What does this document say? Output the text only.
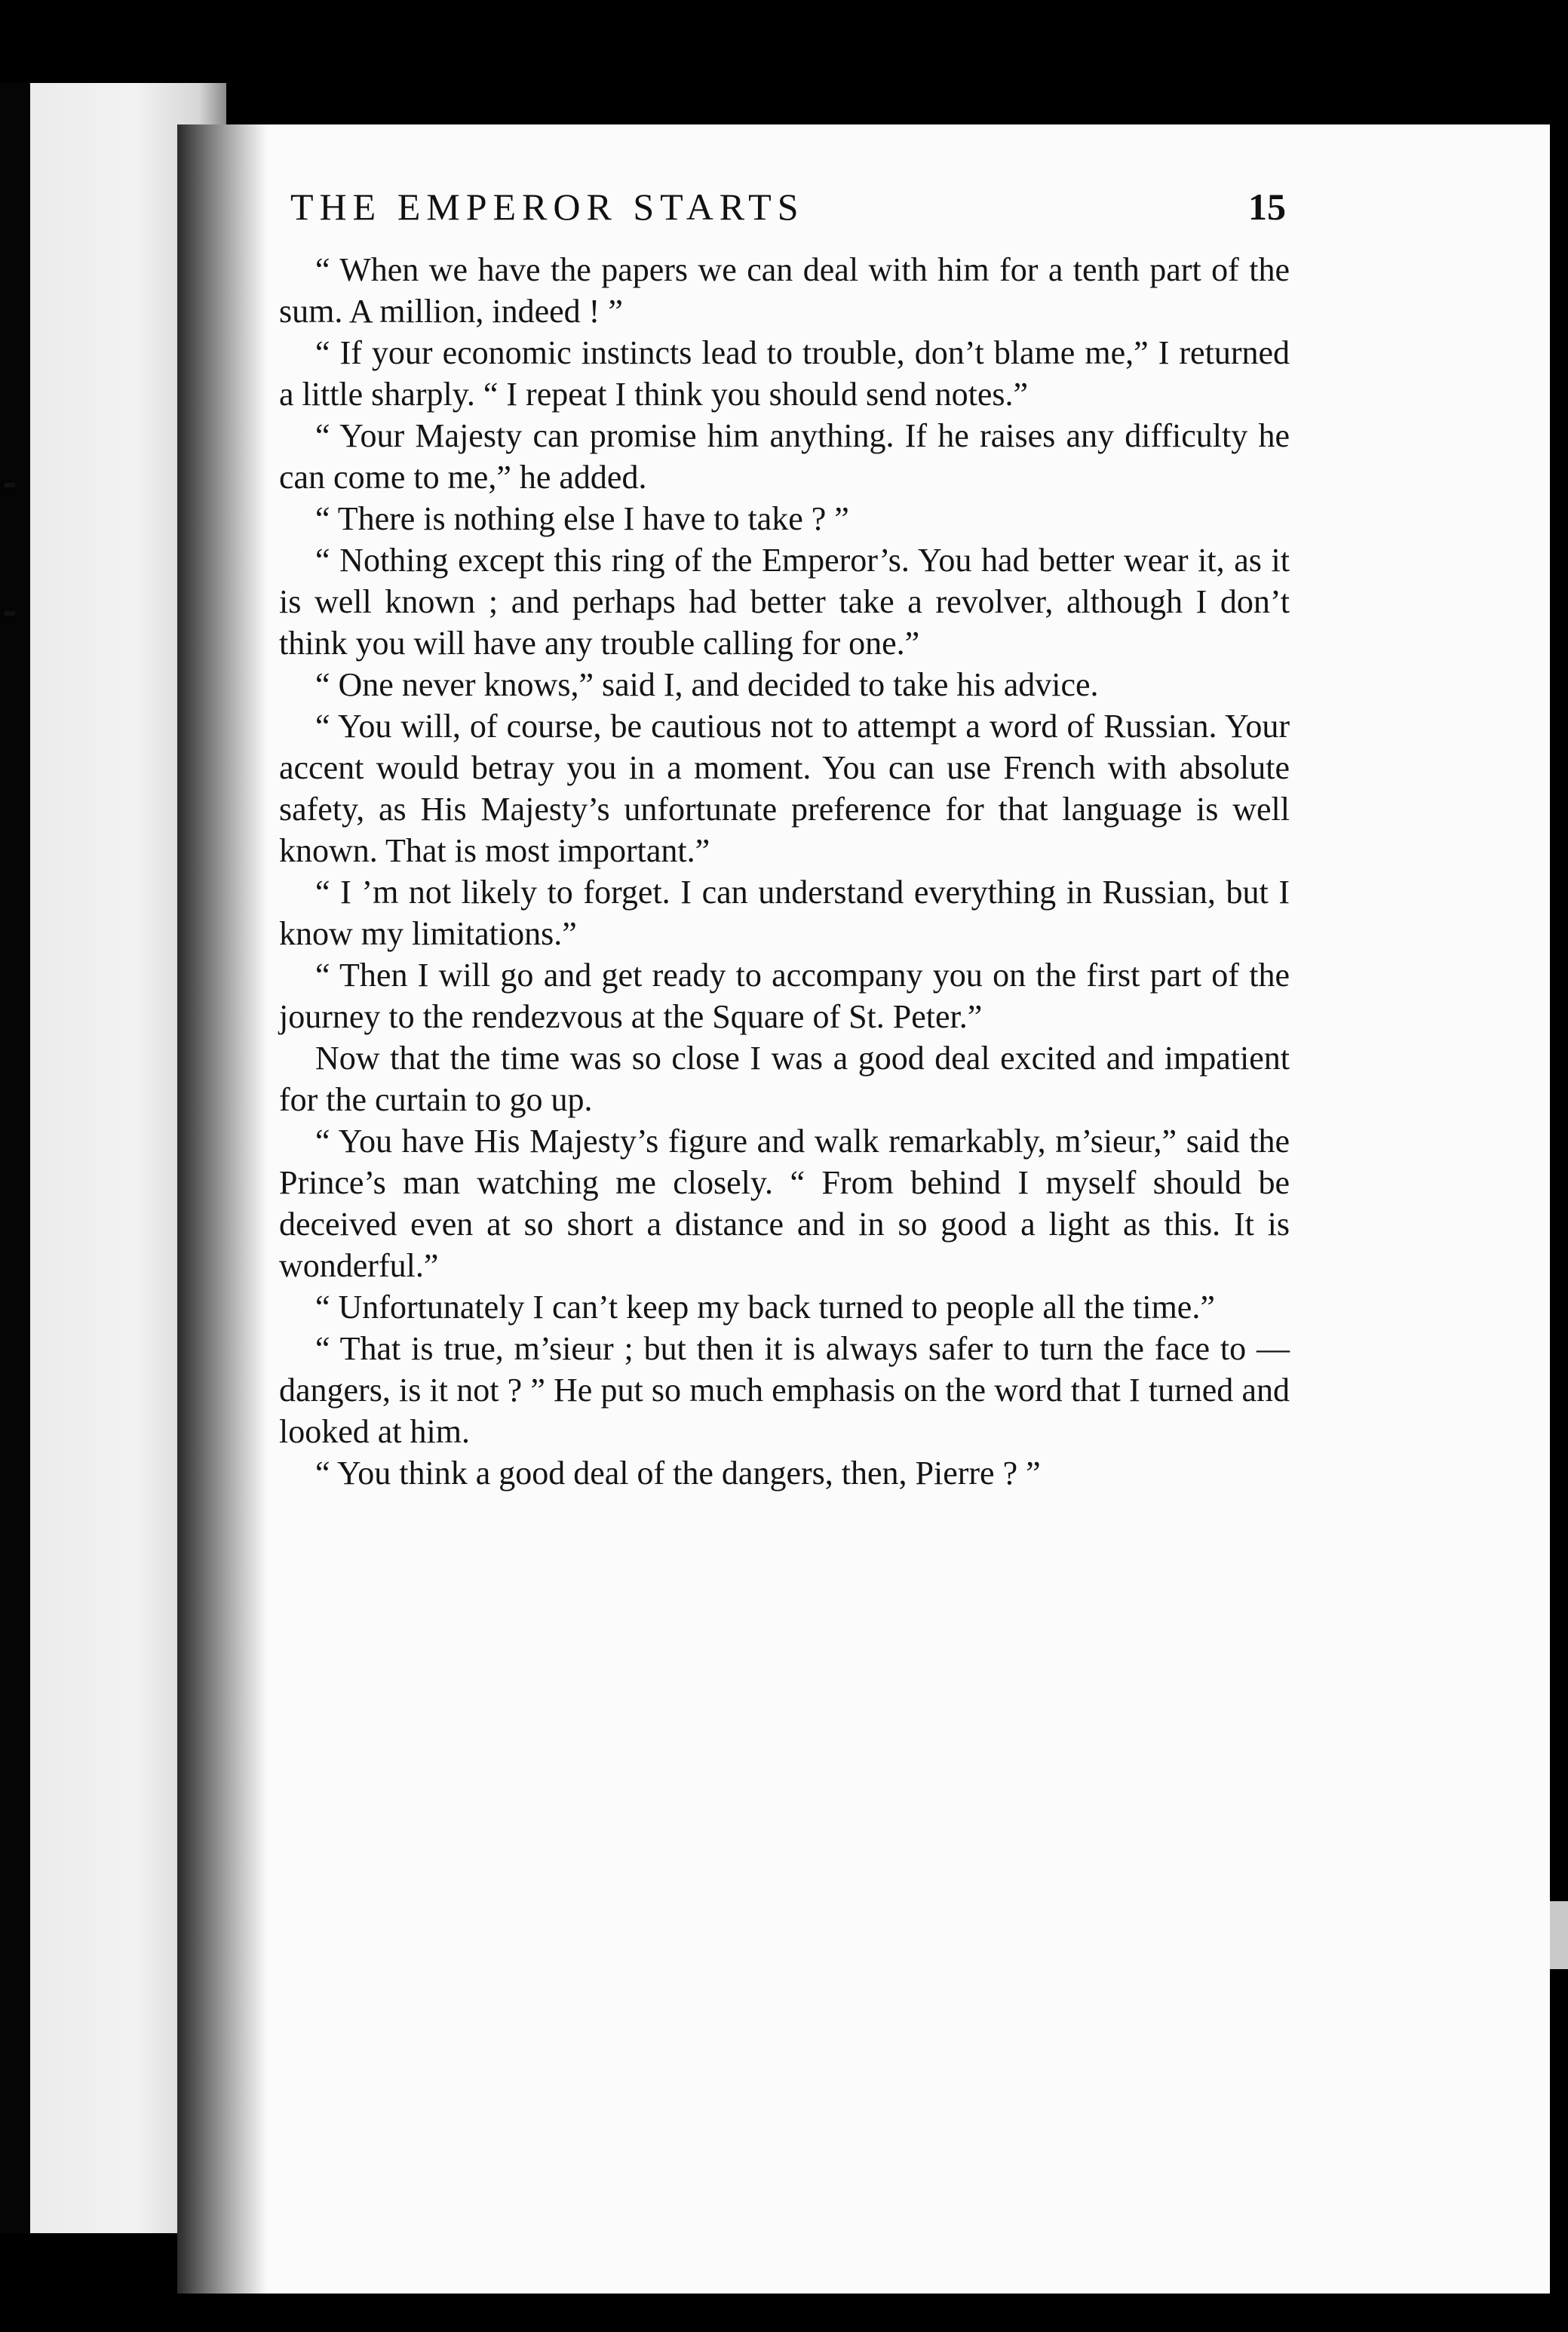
THE EMPEROR STARTS	15

“ When we have the papers we can deal with him for a tenth part of the sum. A million, indeed ! ”

“ If your economic instincts lead to trouble, don’t blame me,” I returned a little sharply. “ I repeat I think you should send notes.”

“ Your Majesty can promise him anything. If he raises any difficulty he can come to me,” he added.

“ There is nothing else I have to take ? ”

“ Nothing except this ring of the Emperor’s. You had better wear it, as it is well known ; and perhaps had better take a revolver, although I don’t think you will have any trouble calling for one.”

“ One never knows,” said I, and decided to take his advice.

“ You will, of course, be cautious not to attempt a word of Russian. Your accent would betray you in a moment. You can use French with absolute safety, as His Majesty’s unfortunate preference for that language is well known. That is most important.”

“ I ’m not likely to forget. I can understand everything in Russian, but I know my limitations.”

“ Then I will go and get ready to accompany you on the first part of the journey to the rendezvous at the Square of St. Peter.”

Now that the time was so close I was a good deal excited and impatient for the curtain to go up.

“ You have His Majesty’s figure and walk remarkably, m’sieur,” said the Prince’s man watching me closely. “ From behind I myself should be deceived even at so short a distance and in so good a light as this. It is wonderful.”

“ Unfortunately I can’t keep my back turned to people all the time.”

“ That is true, m’sieur ; but then it is always safer to turn the face to — dangers, is it not ? ” He put so much emphasis on the word that I turned and looked at him.

“ You think a good deal of the dangers, then, Pierre ? ”
